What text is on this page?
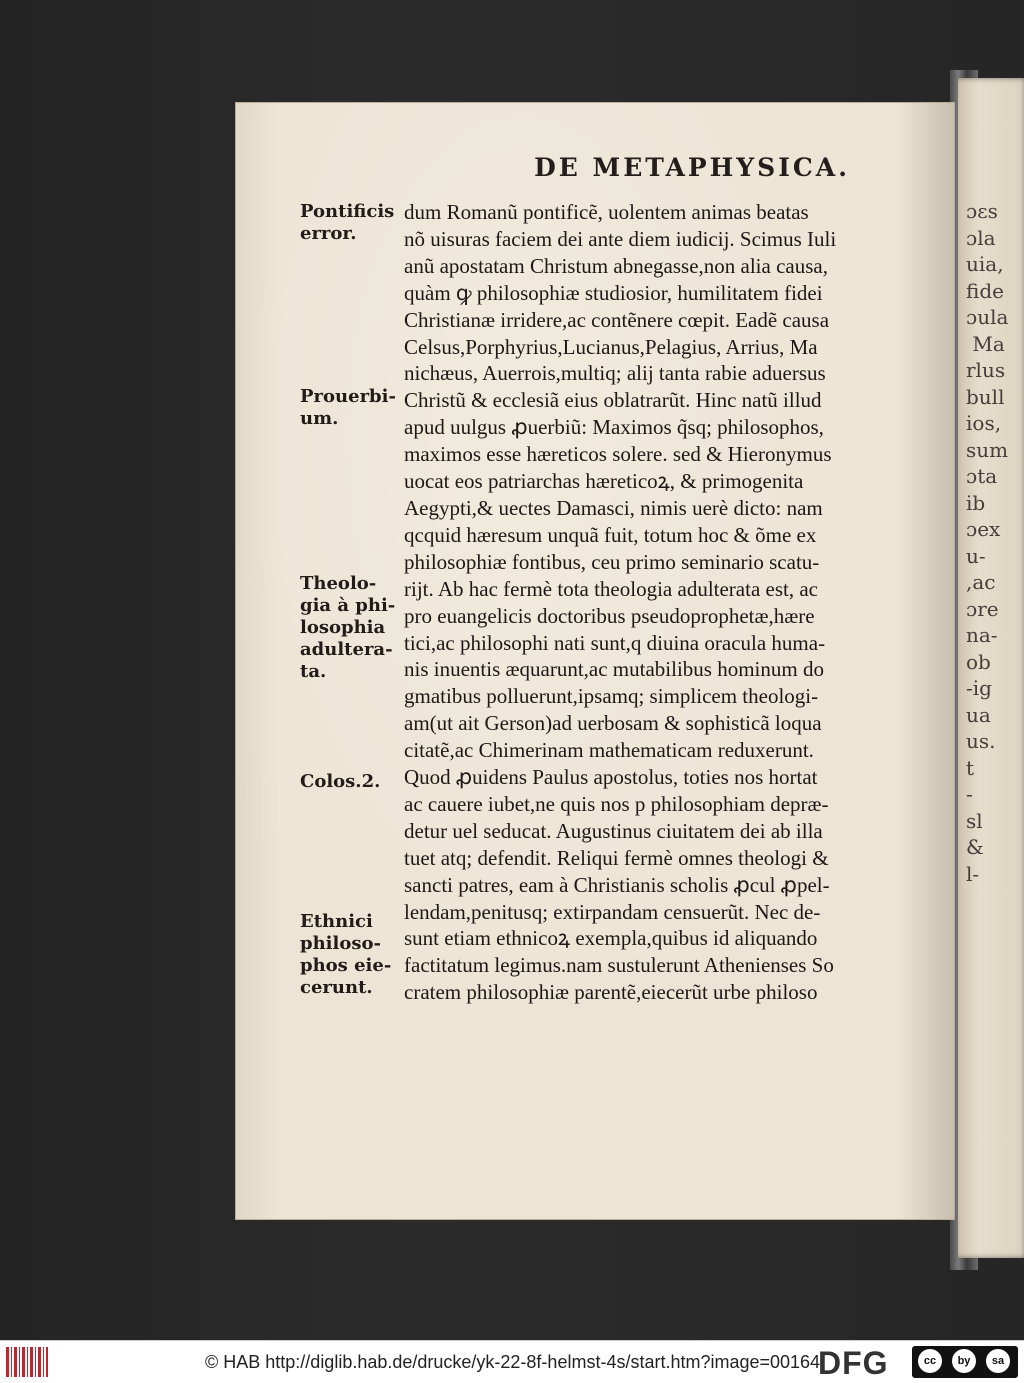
ɔɛs
ɔla
uia,
fide
ɔula
Ma
rlus
bull
ios,
sum
ɔta
ib
ɔex
u-
,ac
ɔre
na-
ob
-ig
ua
us.
t
-
sl
&
l-

DE METAPHYSICA.
Pontificis
error.
Prouerbi-
um.
Theolo-
gia à phi-
losophia
adultera-
ta.
Colos.2.
Ethnici
philoso-
phos eie-
cerunt.
dum Romanũ pontificẽ, uolentem animas beatas
nõ uisuras faciem dei ante diem iudicij. Scimus Iuli
anũ apostatam Christum abnegasse,non alia causa,
quàm ꝙ philosophiæ studiosior, humilitatem fidei
Christianæ irridere,ac contẽnere cœpit. Eadẽ causa
Celsus,Porphyrius,Lucianus,Pelagius, Arrius, Ma
nichæus, Auerrois,multiq; alij tanta rabie aduersus
Christũ & ecclesiã eius oblatrarũt. Hinc natũ illud
apud uulgus ꝓuerbiũ: Maximos q̃sq; philosophos,
maximos esse hæreticos solere. sed & Hieronymus
uocat eos patriarchas hæreticoꝝ, & primogenita
Aegypti,& uectes Damasci, nimis uerè dicto: nam
qcquid hæresum unquã fuit, totum hoc & õme ex
philosophiæ fontibus, ceu primo seminario scatu-
rijt. Ab hac fermè tota theologia adulterata est, ac
pro euangelicis doctoribus pseudoprophetæ,hære
tici,ac philosophi nati sunt,q diuina oracula huma-
nis inuentis æquarunt,ac mutabilibus hominum do
gmatibus polluerunt,ipsamq; simplicem theologi-
am(ut ait Gerson)ad uerbosam & sophisticã loqua
citatẽ,ac Chimerinam mathematicam reduxerunt.
Quod ꝓuidens Paulus apostolus, toties nos hortat
ac cauere iubet,ne quis nos p philosophiam depræ-
detur uel seducat. Augustinus ciuitatem dei ab illa
tuet atq; defendit. Reliqui fermè omnes theologi &
sancti patres, eam à Christianis scholis ꝓcul ꝓpel-
lendam,penitusq; extirpandam censuerũt. Nec de-
sunt etiam ethnicoꝝ exempla,quibus id aliquando
factitatum legimus.nam sustulerunt Athenienses So
cratem philosophiæ parentẽ,eiecerũt urbe philoso
© HAB http://diglib.hab.de/drucke/yk-22-8f-helmst-4s/start.htm?image=00164
DFG	cc	by	sa
